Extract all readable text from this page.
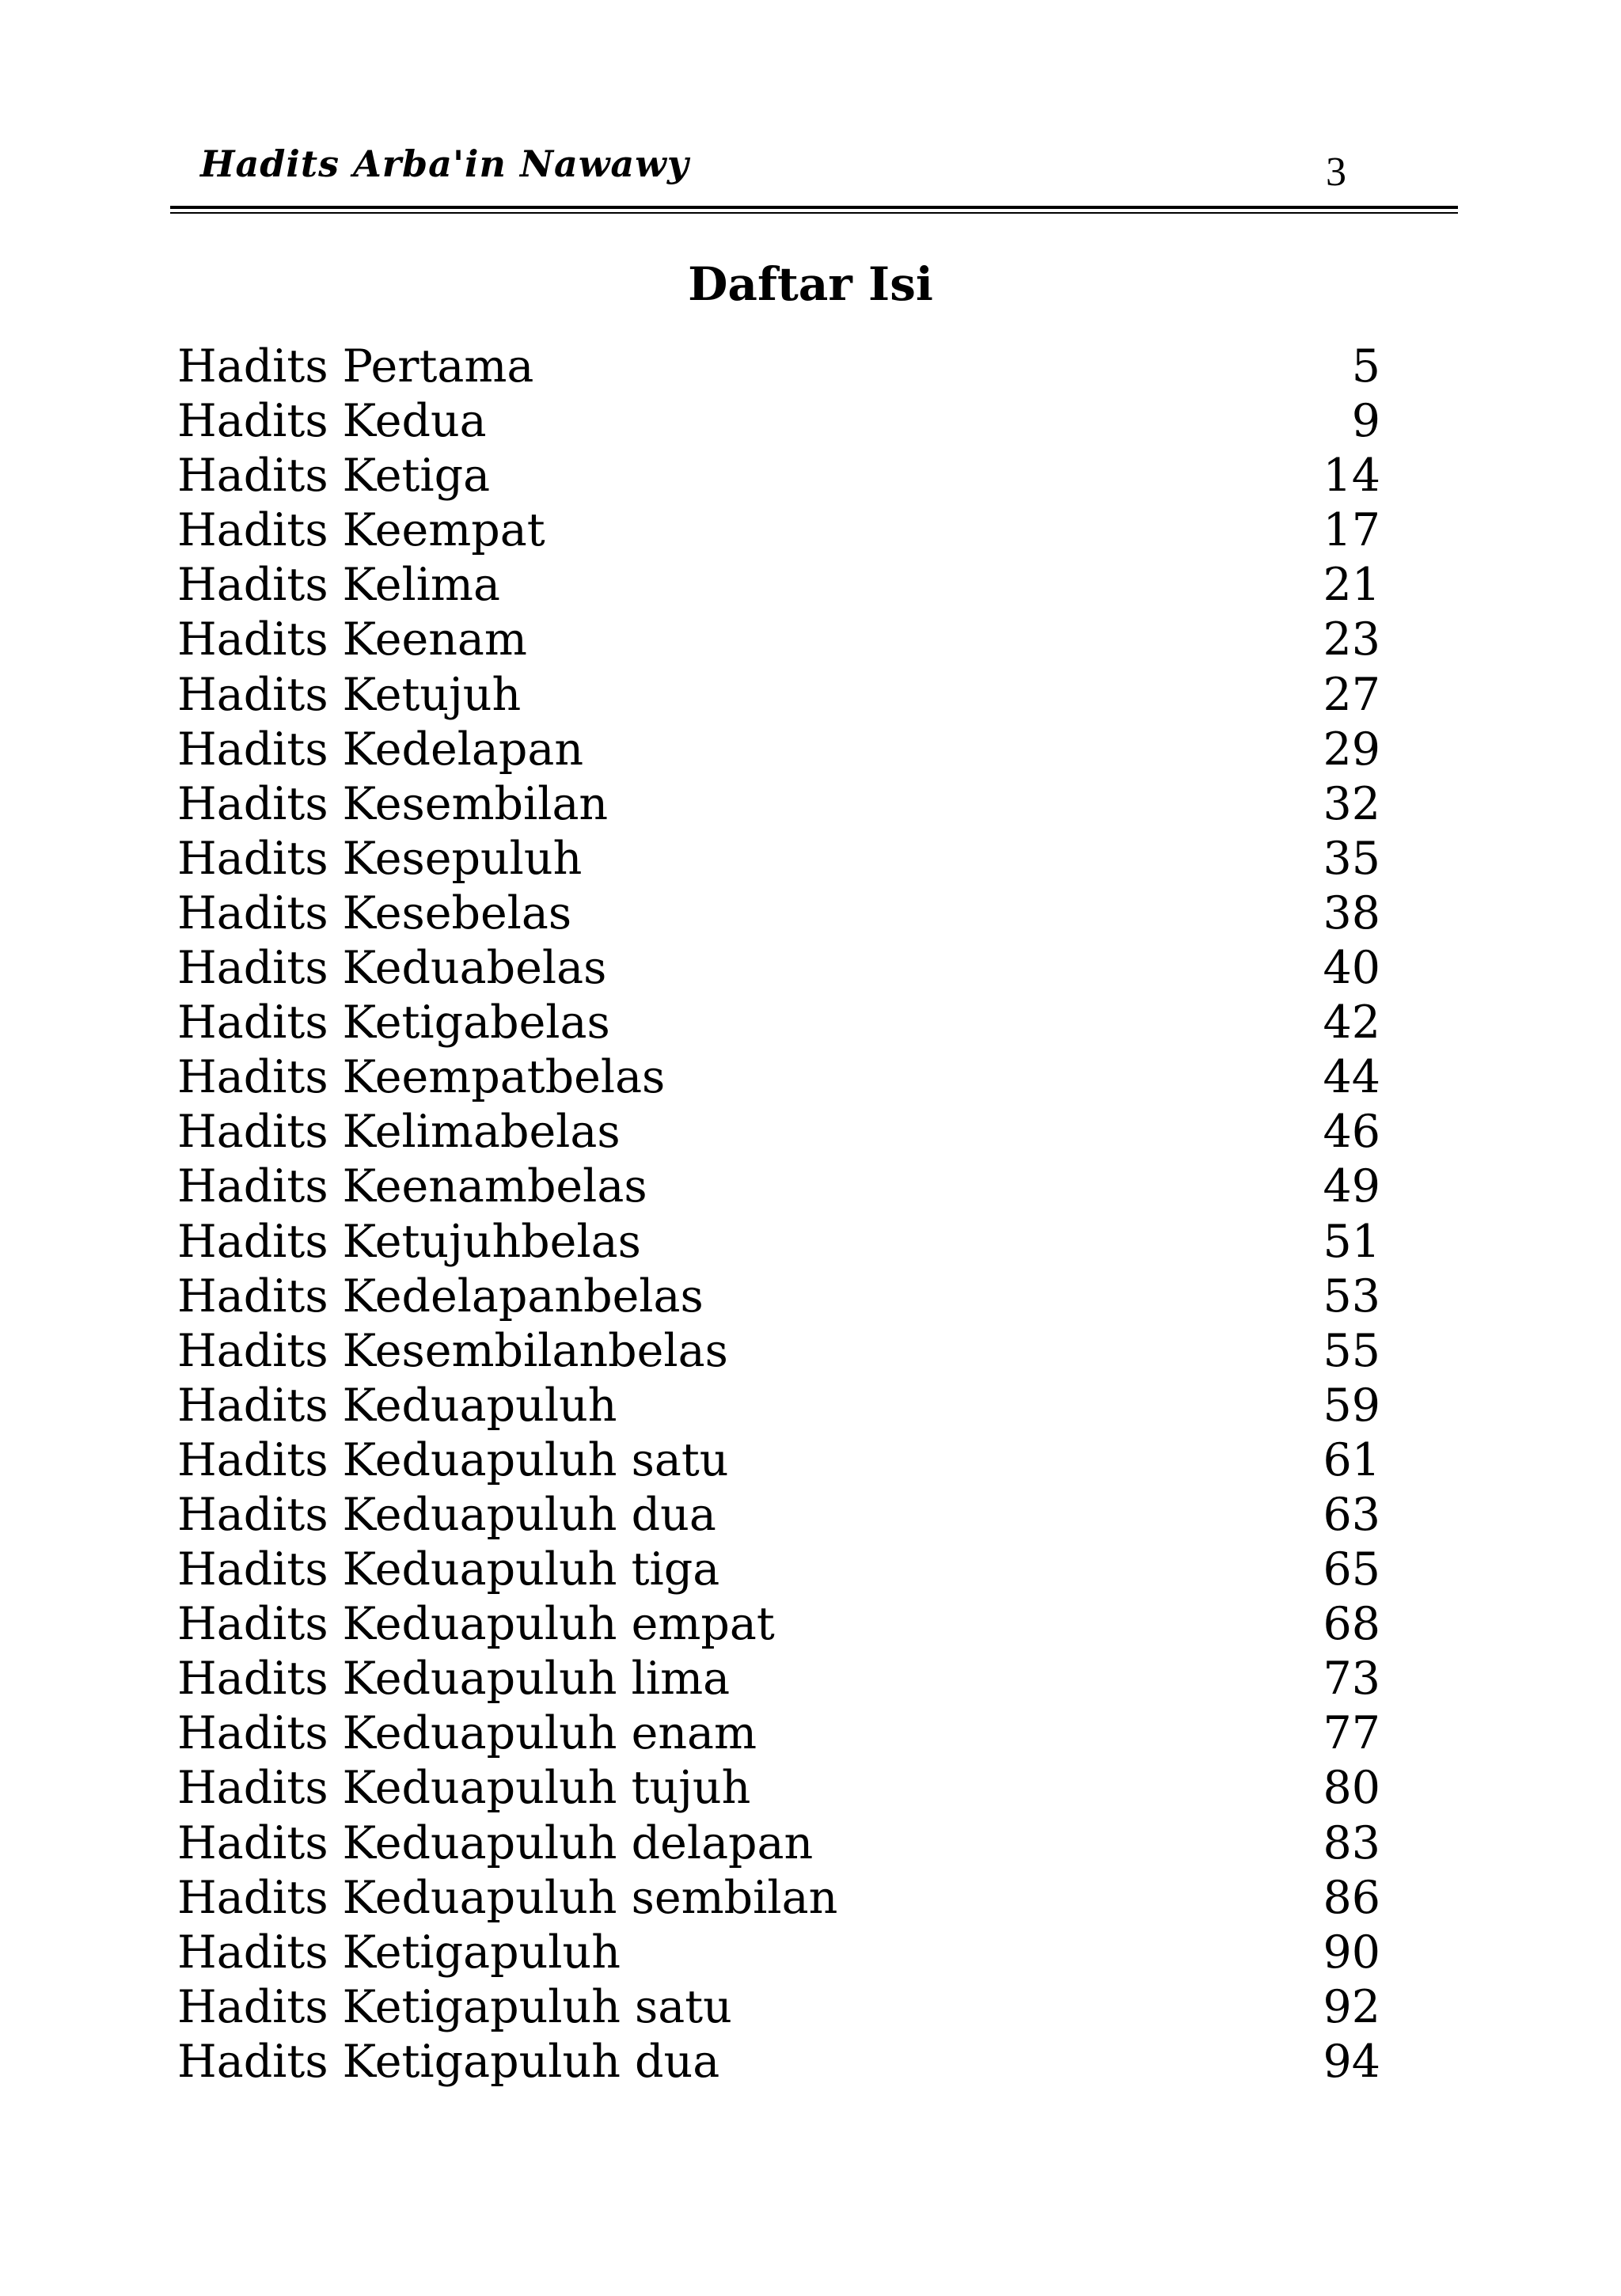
Hadits Arba'in Nawawy	3
Daftar Isi
Hadits Pertama	5
Hadits Kedua	9
Hadits Ketiga	14
Hadits Keempat	17
Hadits Kelima	21
Hadits Keenam	23
Hadits Ketujuh	27
Hadits Kedelapan	29
Hadits Kesembilan	32
Hadits Kesepuluh	35
Hadits Kesebelas	38
Hadits Keduabelas	40
Hadits Ketigabelas	42
Hadits Keempatbelas	44
Hadits Kelimabelas	46
Hadits Keenambelas	49
Hadits Ketujuhbelas	51
Hadits Kedelapanbelas	53
Hadits Kesembilanbelas	55
Hadits Keduapuluh	59
Hadits Keduapuluh satu	61
Hadits Keduapuluh dua	63
Hadits Keduapuluh tiga	65
Hadits Keduapuluh empat	68
Hadits Keduapuluh lima	73
Hadits Keduapuluh enam	77
Hadits Keduapuluh tujuh	80
Hadits Keduapuluh delapan	83
Hadits Keduapuluh sembilan	86
Hadits Ketigapuluh	90
Hadits Ketigapuluh satu	92
Hadits Ketigapuluh dua	94
